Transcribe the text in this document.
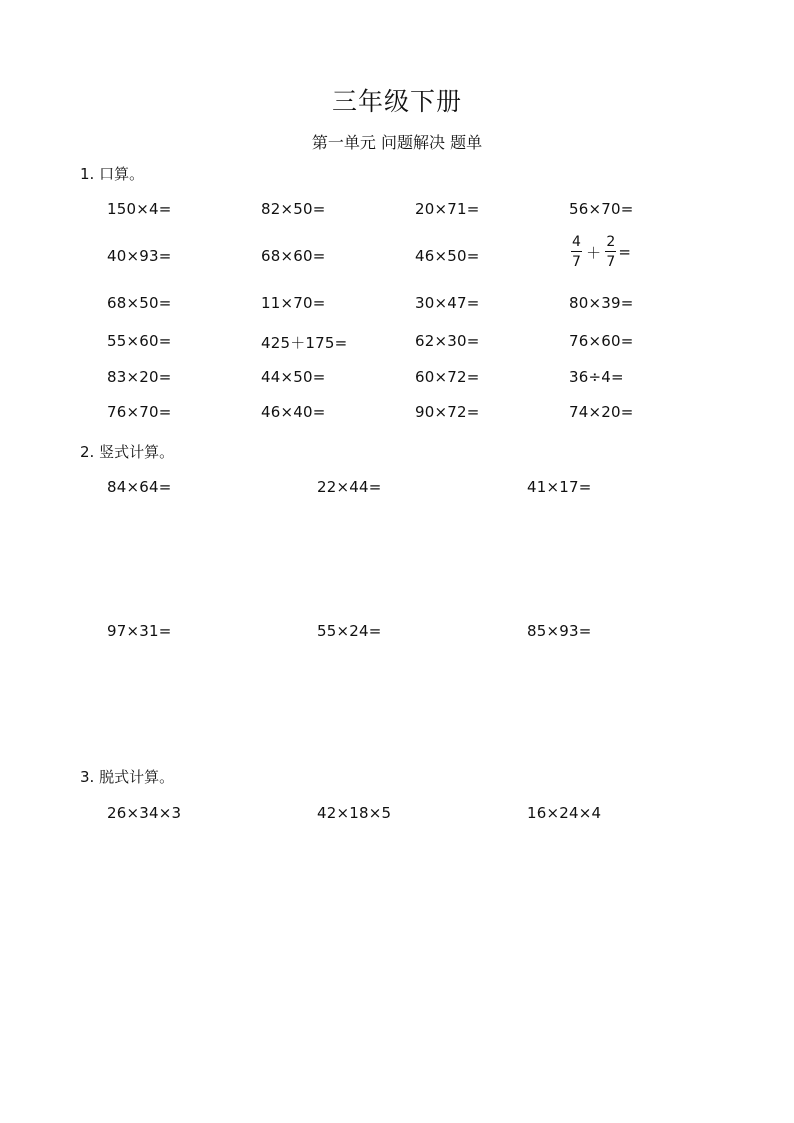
三年级下册
第一单元 问题解决 题单
1. 口算。
150×4=	82×50=	20×71=	56×70=
40×93=	68×60=	46×50=	$\frac{4}{7} + \frac{2}{7}$ =
68×50=	11×70=	30×47=	80×39=
55×60=	425＋175=	62×30=	76×60=
83×20=	44×50=	60×72=	36÷4=
76×70=	46×40=	90×72=	74×20=
2. 竖式计算。
84×64=	22×44=	41×17=
97×31=	55×24=	85×93=
3. 脱式计算。
26×34×3	42×18×5	16×24×4
